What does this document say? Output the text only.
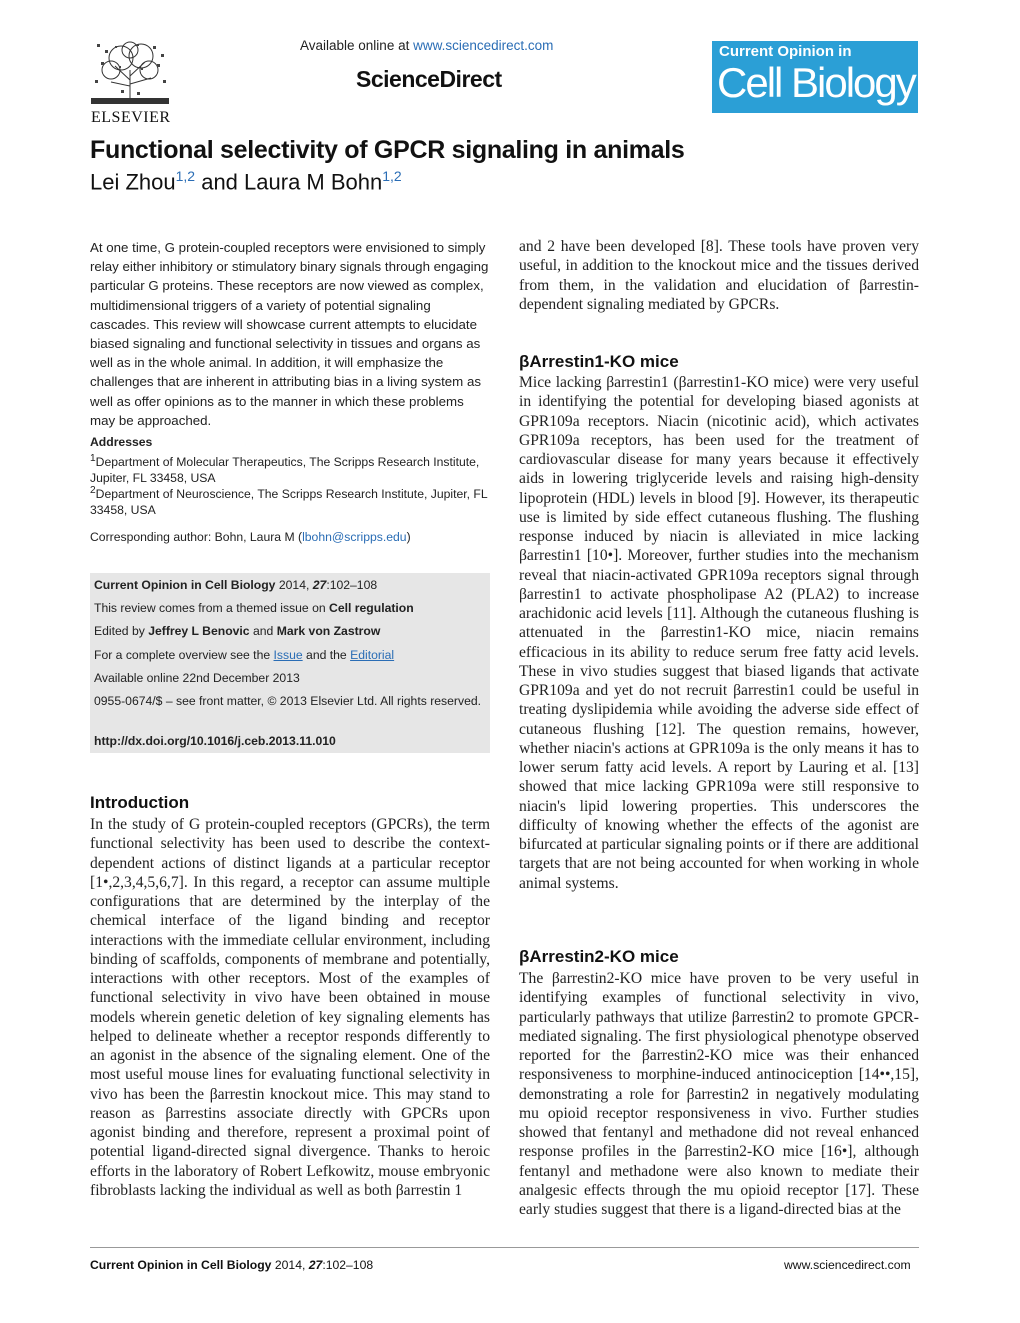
ELSEVIER
Available online at www.sciencedirect.com
ScienceDirect
Current Opinion in
Cell Biology
Functional selectivity of GPCR signaling in animals
Lei Zhou$^{1,2}$ and Laura M Bohn$^{1,2}$
At one time, G protein-coupled receptors were envisioned to simply relay either inhibitory or stimulatory binary signals through engaging particular G proteins. These receptors are now viewed as complex, multidimensional triggers of a variety of potential signaling cascades. This review will showcase current attempts to elucidate biased signaling and functional selectivity in tissues and organs as well as in the whole animal. In addition, it will emphasize the challenges that are inherent in attributing bias in a living system as well as offer opinions as to the manner in which these problems may be approached.
Addresses
$^1$Department of Molecular Therapeutics, The Scripps Research Institute, Jupiter, FL 33458, USA
$^2$Department of Neuroscience, The Scripps Research Institute, Jupiter, FL 33458, USA
Corresponding author: Bohn, Laura M (lbohn@scripps.edu)
Current Opinion in Cell Biology 2014, 27:102–108
This review comes from a themed issue on Cell regulation
Edited by Jeffrey L Benovic and Mark von Zastrow
For a complete overview see the Issue and the Editorial
Available online 22nd December 2013
0955-0674/$ – see front matter, © 2013 Elsevier Ltd. All rights reserved.
http://dx.doi.org/10.1016/j.ceb.2013.11.010
Introduction
In the study of G protein-coupled receptors (GPCRs), the term functional selectivity has been used to describe the context-dependent actions of distinct ligands at a particular receptor [1•,2,3,4,5,6,7]. In this regard, a receptor can assume multiple configurations that are determined by the interplay of the chemical interface of the ligand binding and receptor interactions with the immediate cellular environment, including binding of scaffolds, components of membrane and potentially, interactions with other receptors. Most of the examples of functional selectivity in vivo have been obtained in mouse models wherein genetic deletion of key signaling elements has helped to delineate whether a receptor responds differently to an agonist in the absence of the signaling element. One of the most useful mouse lines for evaluating functional selectivity in vivo has been the βarrestin knockout mice. This may stand to reason as βarrestins associate directly with GPCRs upon agonist binding and therefore, represent a proximal point of potential ligand-directed signal divergence. Thanks to heroic efforts in the laboratory of Robert Lefkowitz, mouse embryonic fibroblasts lacking the individual as well as both βarrestin 1
and 2 have been developed [8]. These tools have proven very useful, in addition to the knockout mice and the tissues derived from them, in the validation and elucidation of βarrestin-dependent signaling mediated by GPCRs.
βArrestin1-KO mice
Mice lacking βarrestin1 (βarrestin1-KO mice) were very useful in identifying the potential for developing biased agonists at GPR109a receptors. Niacin (nicotinic acid), which activates GPR109a receptors, has been used for the treatment of cardiovascular disease for many years because it effectively aids in lowering triglyceride levels and raising high-density lipoprotein (HDL) levels in blood [9]. However, its therapeutic use is limited by side effect cutaneous flushing. The flushing response induced by niacin is alleviated in mice lacking βarrestin1 [10•]. Moreover, further studies into the mechanism reveal that niacin-activated GPR109a receptors signal through βarrestin1 to activate phospholipase A2 (PLA2) to increase arachidonic acid levels [11]. Although the cutaneous flushing is attenuated in the βarrestin1-KO mice, niacin remains efficacious in its ability to reduce serum free fatty acid levels. These in vivo studies suggest that biased ligands that activate GPR109a and yet do not recruit βarrestin1 could be useful in treating dyslipidemia while avoiding the adverse side effect of cutaneous flushing [12]. The question remains, however, whether niacin's actions at GPR109a is the only means it has to lower serum fatty acid levels. A report by Lauring et al. [13] showed that mice lacking GPR109a were still responsive to niacin's lipid lowering properties. This underscores the difficulty of knowing whether the effects of the agonist are bifurcated at particular signaling points or if there are additional targets that are not being accounted for when working in whole animal systems.
βArrestin2-KO mice
The βarrestin2-KO mice have proven to be very useful in identifying examples of functional selectivity in vivo, particularly pathways that utilize βarrestin2 to promote GPCR-mediated signaling. The first physiological phenotype observed reported for the βarrestin2-KO mice was their enhanced responsiveness to morphine-induced antinociception [14••,15], demonstrating a role for βarrestin2 in negatively modulating mu opioid receptor responsiveness in vivo. Further studies showed that fentanyl and methadone did not reveal enhanced response profiles in the βarrestin2-KO mice [16•], although fentanyl and methadone were also known to mediate their analgesic effects through the mu opioid receptor [17]. These early studies suggest that there is a ligand-directed bias at the
Current Opinion in Cell Biology 2014, 27:102–108	www.sciencedirect.com
